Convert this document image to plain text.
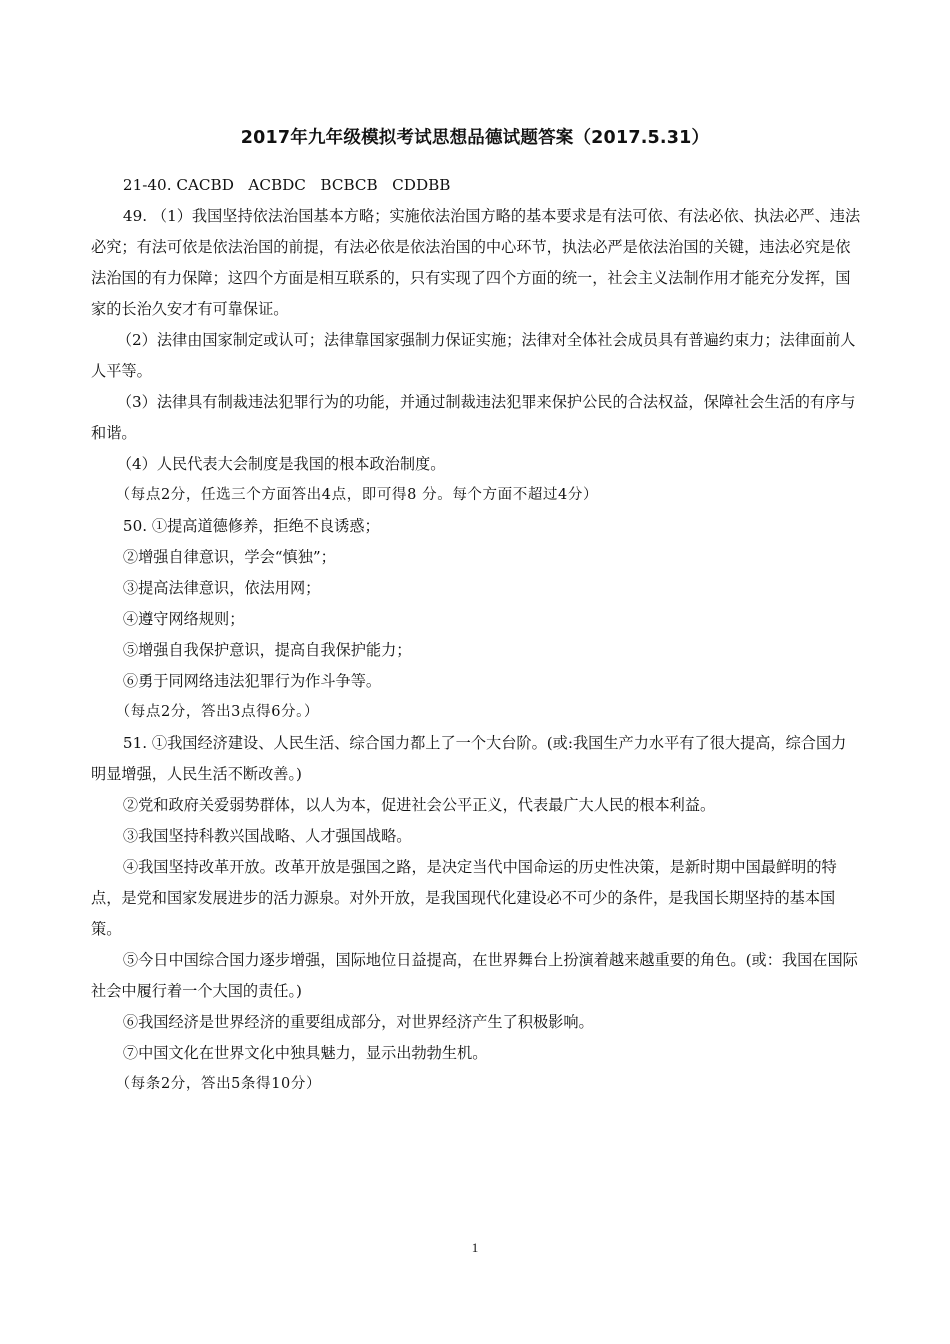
2017年九年级模拟考试思想品德试题答案（2017.5.31）

21-40. CACBD   ACBDC   BCBCB   CDDBB

49. （1）我国坚持依法治国基本方略；实施依法治国方略的基本要求是有法可依、有法必依、执法必严、违法必究；有法可依是依法治国的前提，有法必依是依法治国的中心环节，执法必严是依法治国的关键，违法必究是依法治国的有力保障；这四个方面是相互联系的，只有实现了四个方面的统一，社会主义法制作用才能充分发挥，国家的长治久安才有可靠保证。

（2）法律由国家制定或认可；法律靠国家强制力保证实施；法律对全体社会成员具有普遍约束力；法律面前人人平等。

（3）法律具有制裁违法犯罪行为的功能，并通过制裁违法犯罪来保护公民的合法权益，保障社会生活的有序与和谐。

（4）人民代表大会制度是我国的根本政治制度。

（每点2分，任选三个方面答出4点，即可得8 分。每个方面不超过4分）

50. ①提高道德修养，拒绝不良诱惑；

②增强自律意识，学会“慎独”；

③提高法律意识，依法用网；

④遵守网络规则；

⑤增强自我保护意识，提高自我保护能力；

⑥勇于同网络违法犯罪行为作斗争等。

（每点2分，答出3点得6分。）

51. ①我国经济建设、人民生活、综合国力都上了一个大台阶。(或:我国生产力水平有了很大提高，综合国力明显增强，人民生活不断改善。)

②党和政府关爱弱势群体，以人为本，促进社会公平正义，代表最广大人民的根本利益。

③我国坚持科教兴国战略、人才强国战略。

④我国坚持改革开放。改革开放是强国之路，是决定当代中国命运的历史性决策，是新时期中国最鲜明的特点，是党和国家发展进步的活力源泉。对外开放，是我国现代化建设必不可少的条件，是我国长期坚持的基本国策。

⑤今日中国综合国力逐步增强，国际地位日益提高，在世界舞台上扮演着越来越重要的角色。(或：我国在国际社会中履行着一个大国的责任。)

⑥我国经济是世界经济的重要组成部分，对世界经济产生了积极影响。

⑦中国文化在世界文化中独具魅力，显示出勃勃生机。

（每条2分，答出5条得10分）

1
